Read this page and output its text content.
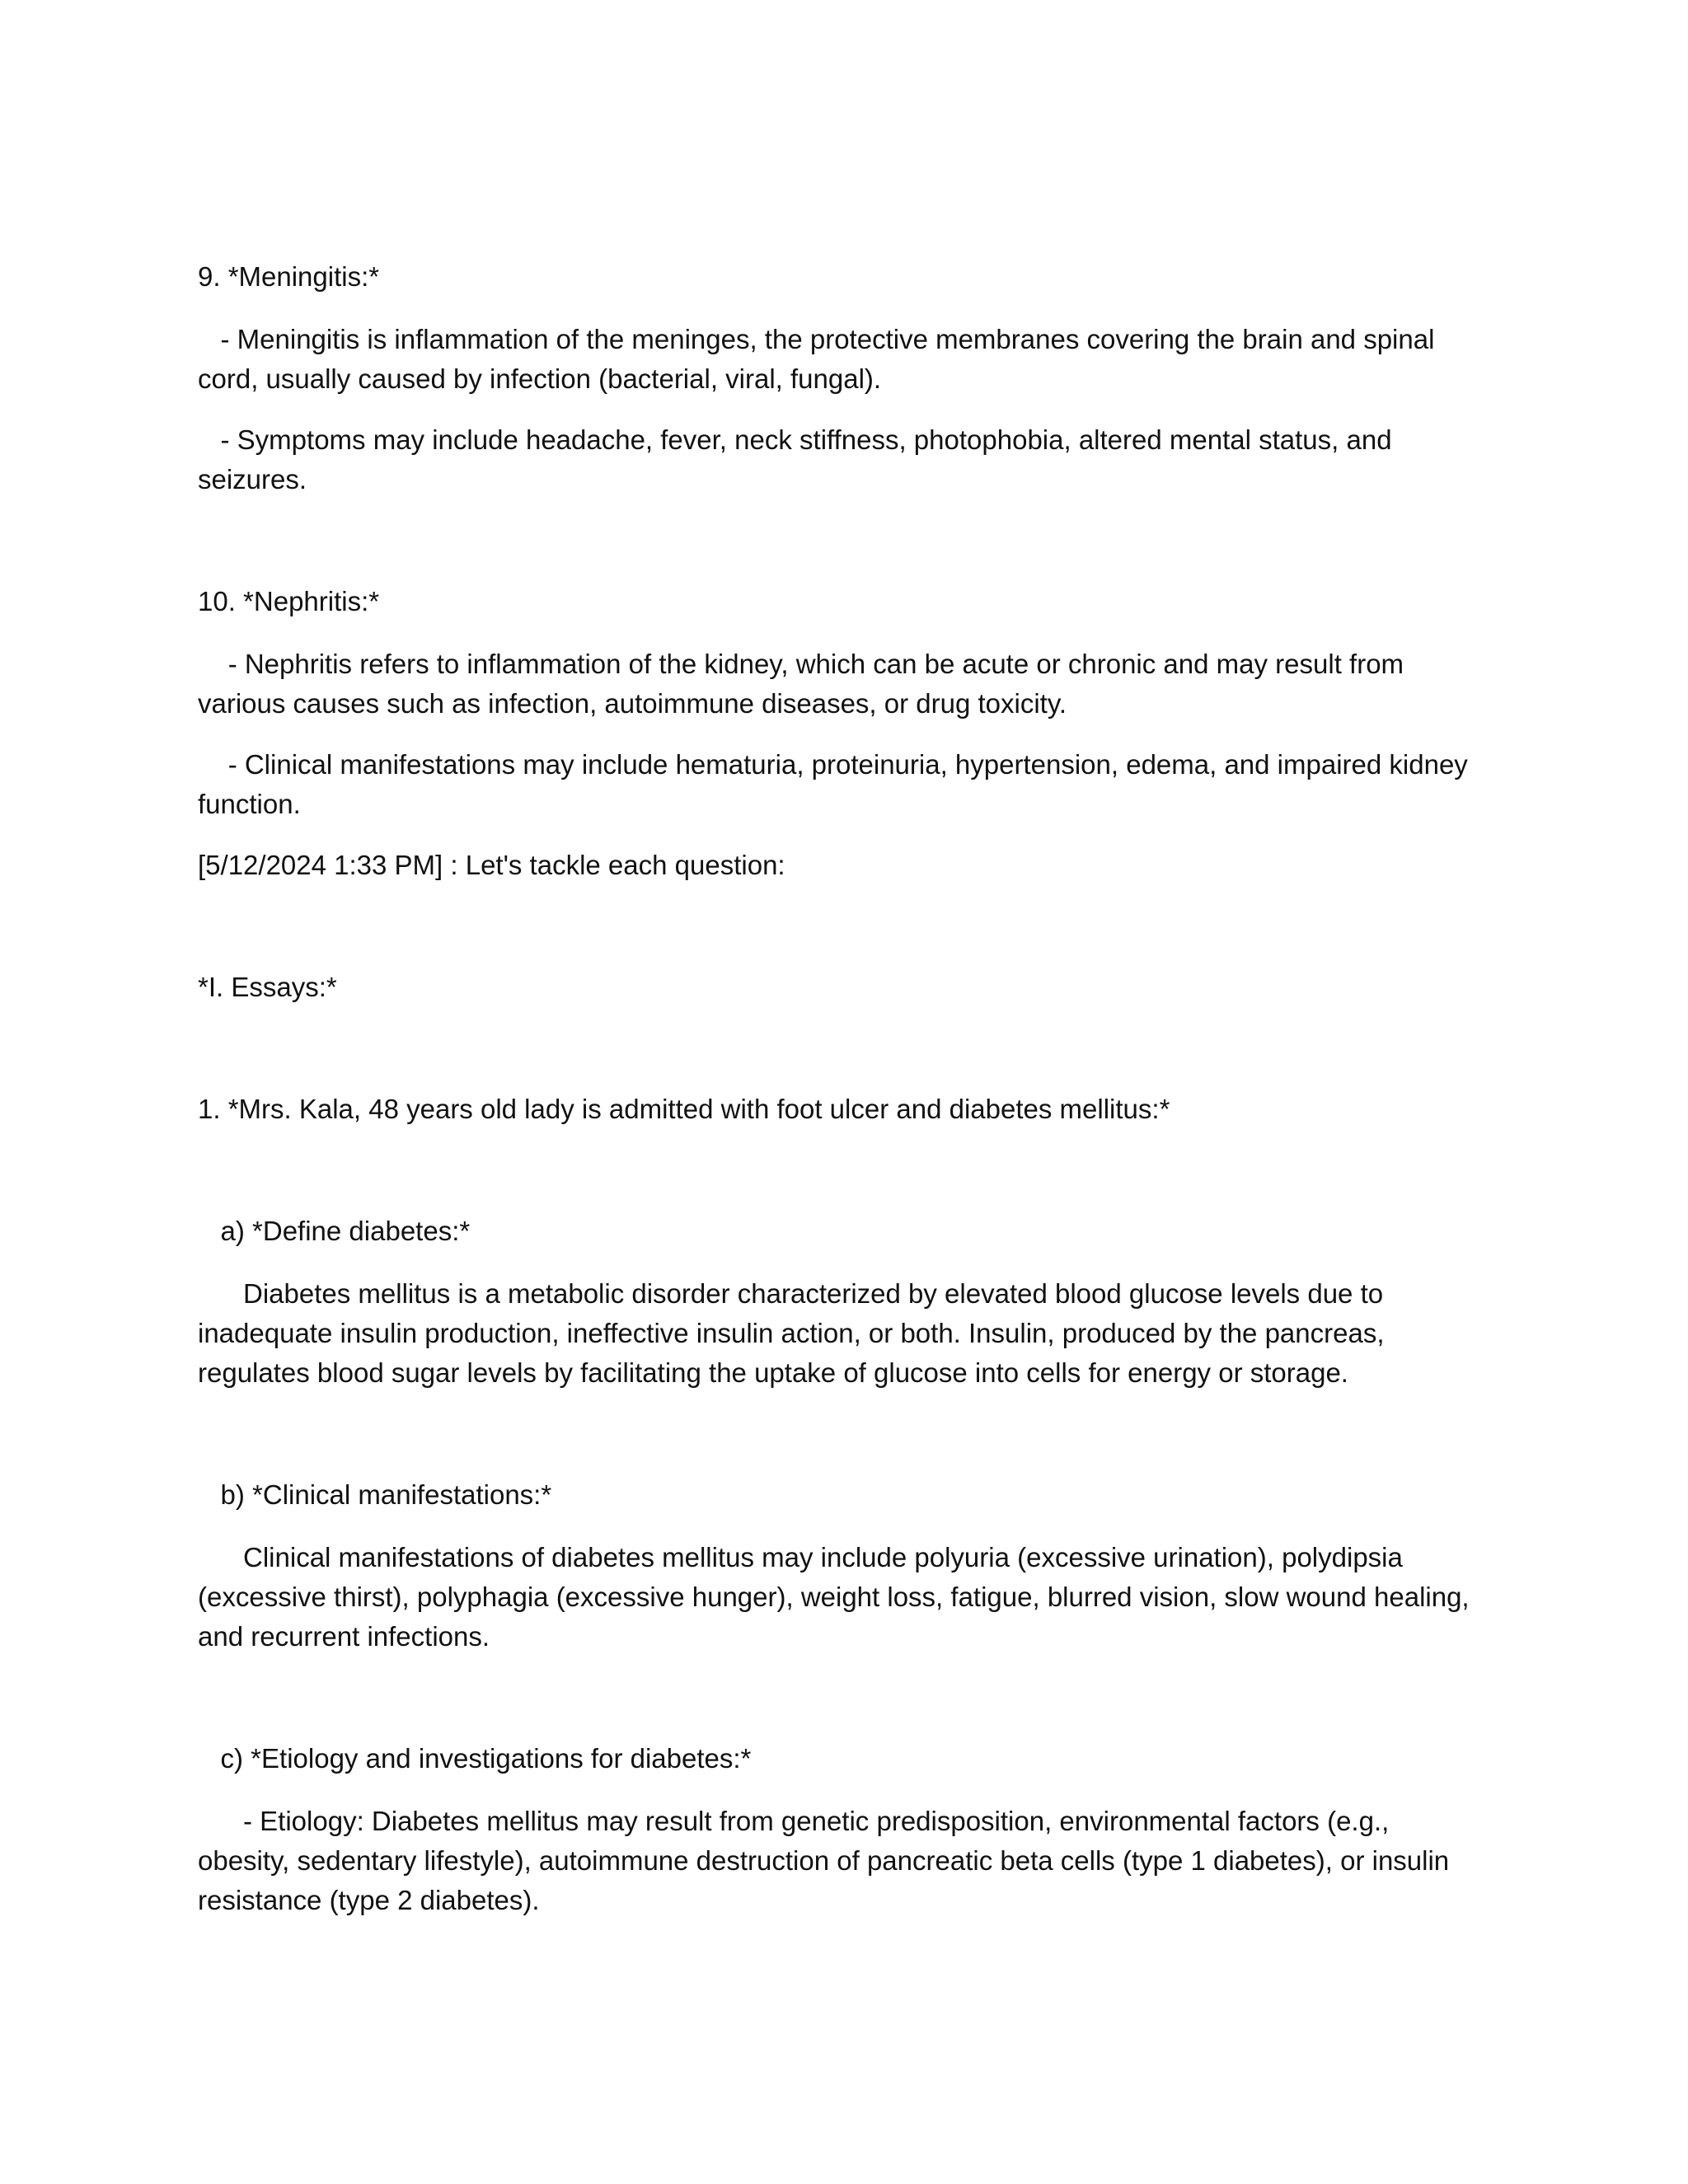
9. *Meningitis:*

- Meningitis is inflammation of the meninges, the protective membranes covering the brain and spinal cord, usually caused by infection (bacterial, viral, fungal).

- Symptoms may include headache, fever, neck stiffness, photophobia, altered mental status, and seizures.

10. *Nephritis:*

- Nephritis refers to inflammation of the kidney, which can be acute or chronic and may result from various causes such as infection, autoimmune diseases, or drug toxicity.

- Clinical manifestations may include hematuria, proteinuria, hypertension, edema, and impaired kidney function.

[5/12/2024 1:33 PM] : Let's tackle each question:

*I. Essays:*

1. *Mrs. Kala, 48 years old lady is admitted with foot ulcer and diabetes mellitus:*

a) *Define diabetes:*

Diabetes mellitus is a metabolic disorder characterized by elevated blood glucose levels due to inadequate insulin production, ineffective insulin action, or both. Insulin, produced by the pancreas, regulates blood sugar levels by facilitating the uptake of glucose into cells for energy or storage.

b) *Clinical manifestations:*

Clinical manifestations of diabetes mellitus may include polyuria (excessive urination), polydipsia (excessive thirst), polyphagia (excessive hunger), weight loss, fatigue, blurred vision, slow wound healing, and recurrent infections.

c) *Etiology and investigations for diabetes:*

- Etiology: Diabetes mellitus may result from genetic predisposition, environmental factors (e.g., obesity, sedentary lifestyle), autoimmune destruction of pancreatic beta cells (type 1 diabetes), or insulin resistance (type 2 diabetes).
